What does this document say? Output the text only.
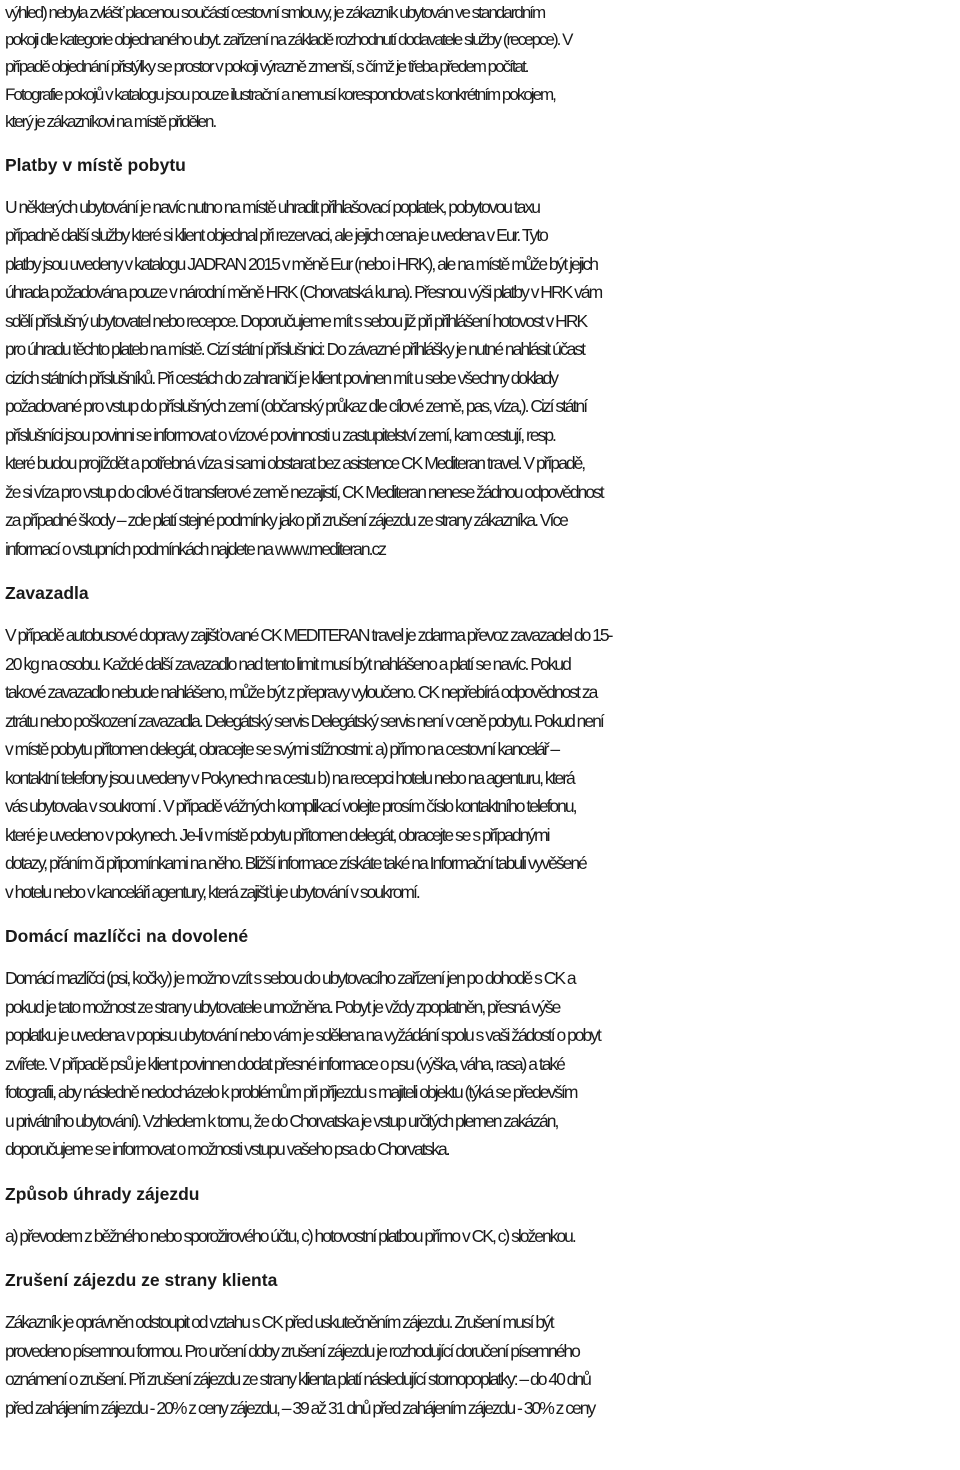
výhled) nebyla zvlášť placenou součástí cestovní smlouvy, je zákazník ubytován ve standardním
pokoji dle kategorie objednaného ubyt. zařízení na základě rozhodnutí dodavatele služby (recepce). V
případě objednání přistýlky se prostor v pokoji výrazně zmenší, s čímž je třeba předem počítat.
Fotografie pokojů v katalogu jsou pouze ilustrační a nemusí korespondovat s konkrétním pokojem,
který je zákazníkovi na místě přidělen.
Platby v místě pobytu
U některých ubytování je navíc nutno na místě uhradit přihlašovací poplatek, pobytovou taxu
případně další služby které si klient objednal při rezervaci, ale jejich cena je uvedena v Eur. Tyto
platby jsou uvedeny v katalogu JADRAN 2015 v měně Eur (nebo i HRK), ale na místě může být jejich
úhrada požadována pouze v národní měně HRK (Chorvatská kuna). Přesnou výši platby v HRK vám
sdělí příslušný ubytovatel nebo recepce. Doporučujeme mít s sebou již při přihlášení hotovost v HRK
pro úhradu těchto plateb na místě. Cizí státní příslušnici: Do závazné přihlášky je nutné nahlásit účast
cizích státních příslušníků. Při cestách do zahraničí je klient povinen mít u sebe všechny doklady
požadované pro vstup do příslušných zemí (občanský průkaz dle cílové země, pas, víza,). Cizí státní
příslušníci jsou povinni se informovat o vízové povinnosti u zastupitelství zemí, kam cestují, resp.
které budou projíždět a potřebná víza si sami obstarat bez asistence CK Mediteran travel. V případě,
že si víza pro vstup do cílové či transferové země nezajistí, CK Mediteran nenese žádnou odpovědnost
za případné škody – zde platí stejné podmínky jako při zrušení zájezdu ze strany zákazníka. Více
informací o vstupních podmínkách najdete na www.mediteran.cz
Zavazadla
V případě autobusové dopravy zajišťované CK MEDITERAN travel je zdarma převoz zavazadel do 15-
20 kg na osobu. Každé další zavazadlo nad tento limit musí být nahlášeno a platí se navíc. Pokud
takové zavazadlo nebude nahlášeno, může být z přepravy vyloučeno. CK nepřebírá odpovědnost za
ztrátu nebo poškození zavazadla. Delegátský servis Delegátský servis není v ceně pobytu. Pokud není
v místě pobytu přítomen delegát, obracejte se svými stížnostmi: a) přímo na cestovní kancelář –
kontaktní telefony jsou uvedeny v Pokynech na cestu b) na recepci hotelu nebo na agenturu, která
vás ubytovala v soukromí . V případě vážných komplikací volejte prosím číslo kontaktního telefonu,
které je uvedeno v pokynech. Je-li v místě pobytu přítomen delegát, obracejte se s případnými
dotazy, přáním či připomínkami na něho. Bližší informace získáte také na Informační tabuli vyvěšené
v hotelu nebo v kanceláři agentury, která zajišťuje ubytování v soukromí.
Domácí mazlíčci na dovolené
Domácí mazlíčci (psi, kočky) je možno vzít s sebou do ubytovacího zařízení jen po dohodě s CK a
pokud je tato možnost ze strany ubytovatele umožněna. Pobyt je vždy zpoplatněn, přesná výše
poplatku je uvedena v popisu ubytování nebo vám je sdělena na vyžádání spolu s vaši žádostí o pobyt
zvířete. V případě psů je klient povinnen dodat přesné informace o psu (výška, váha, rasa) a také
fotografii, aby následně nedocházelo k problémům při příjezdu s majiteli objektu (týká se především
u privátního ubytování). Vzhledem k tomu, že do Chorvatska je vstup určitých plemen zakázán,
doporučujeme se informovat o možnosti vstupu vašeho psa do Chorvatska.
Způsob úhrady zájezdu
a) převodem z běžného nebo sporožirového účtu, c) hotovostní platbou přímo v CK, c) složenkou.
Zrušení zájezdu ze strany klienta
Zákazník je oprávněn odstoupit od vztahu s CK před uskutečněním zájezdu. Zrušení musí být
provedeno písemnou formou. Pro určení doby zrušení zájezdu je rozhodující doručení písemného
oznámení o zrušení. Při zrušení zájezdu ze strany klienta platí následující stornopoplatky: – do 40 dnů
před zahájením zájezdu - 20% z ceny zájezdu, – 39 až 31 dnů před zahájením zájezdu - 30% z ceny
